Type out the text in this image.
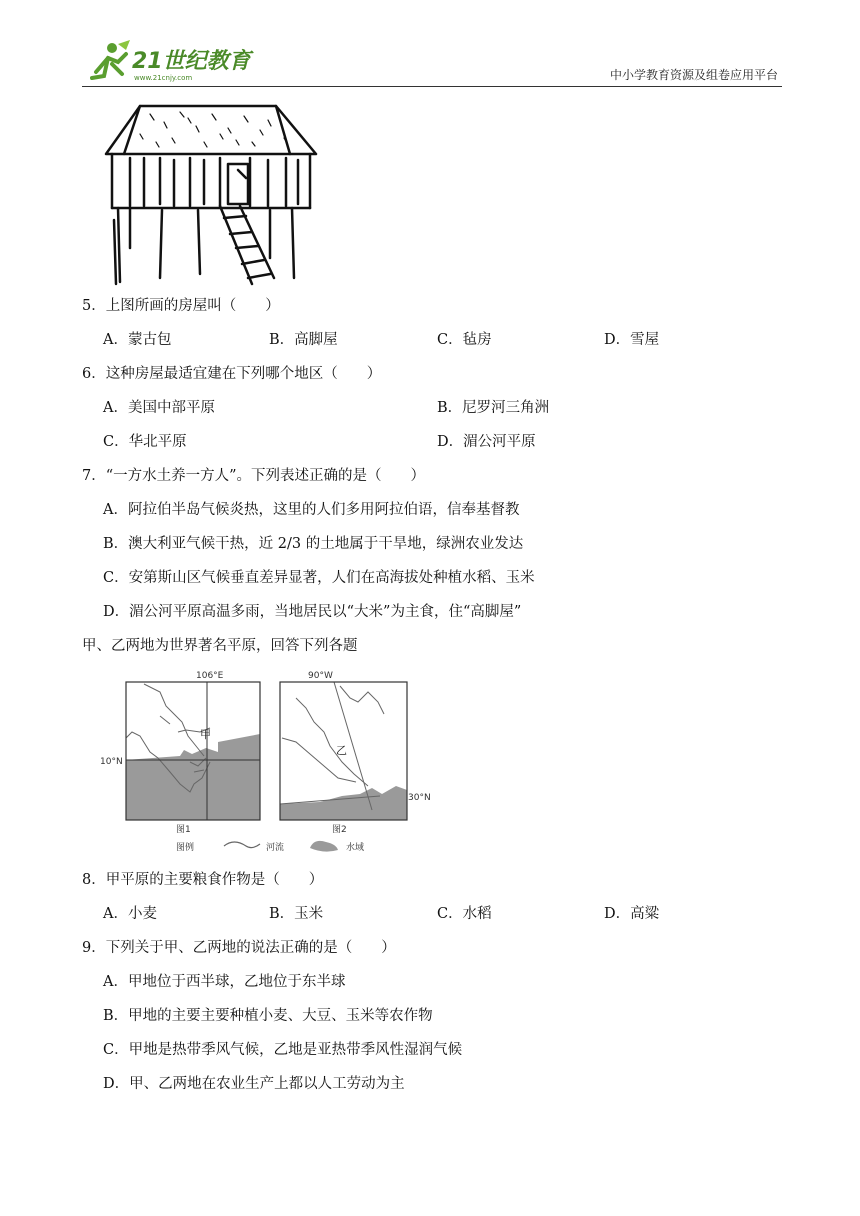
21世纪教育
www.21cnjy.com	中小学教育资源及组卷应用平台
5．上图所画的房屋叫（　　）
A．蒙古包	B．高脚屋	C．毡房	D．雪屋
6．这种房屋最适宜建在下列哪个地区（　　）
A．美国中部平原	B．尼罗河三角洲
C．华北平原	D．湄公河平原
7．“一方水土养一方人”。下列表述正确的是（　　）
A．阿拉伯半岛气候炎热，这里的人们多用阿拉伯语，信奉基督教
B．澳大利亚气候干热，近 2/3 的土地属于干旱地，绿洲农业发达
C．安第斯山区气候垂直差异显著，人们在高海拔处种植水稻、玉米
D．湄公河平原高温多雨，当地居民以“大米”为主食，住“高脚屋”
甲、乙两地为世界著名平原，回答下列各题
106°E
10°N
甲
图1
90°W
30°N
乙
图2
图例	河流	水域
8．甲平原的主要粮食作物是（　　）
A．小麦	B．玉米	C．水稻	D．高粱
9．下列关于甲、乙两地的说法正确的是（　　）
A．甲地位于西半球，乙地位于东半球
B．甲地的主要主要种植小麦、大豆、玉米等农作物
C．甲地是热带季风气候，乙地是亚热带季风性湿润气候
D．甲、乙两地在农业生产上都以人工劳动为主
